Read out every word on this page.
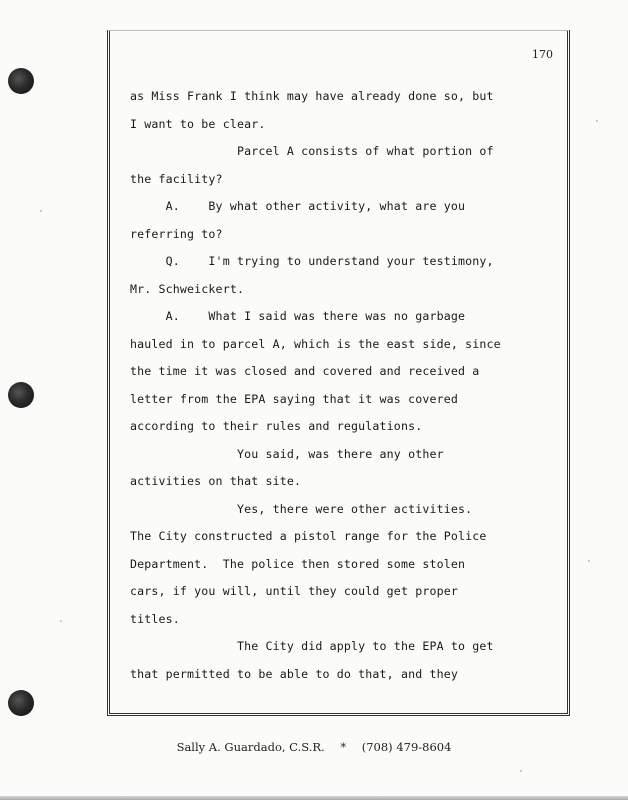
170
as Miss Frank I think may have already done so, but
I want to be clear.
Parcel A consists of what portion of
the facility?
A.    By what other activity, what are you
referring to?
Q.    I'm trying to understand your testimony,
Mr. Schweickert.
A.    What I said was there was no garbage
hauled in to parcel A, which is the east side, since
the time it was closed and covered and received a
letter from the EPA saying that it was covered
according to their rules and regulations.
You said, was there any other
activities on that site.
Yes, there were other activities.
The City constructed a pistol range for the Police
Department.  The police then stored some stolen
cars, if you will, until they could get proper
titles.
The City did apply to the EPA to get
that permitted to be able to do that, and they
Sally A. Guardado, C.S.R. * (708) 479-8604
